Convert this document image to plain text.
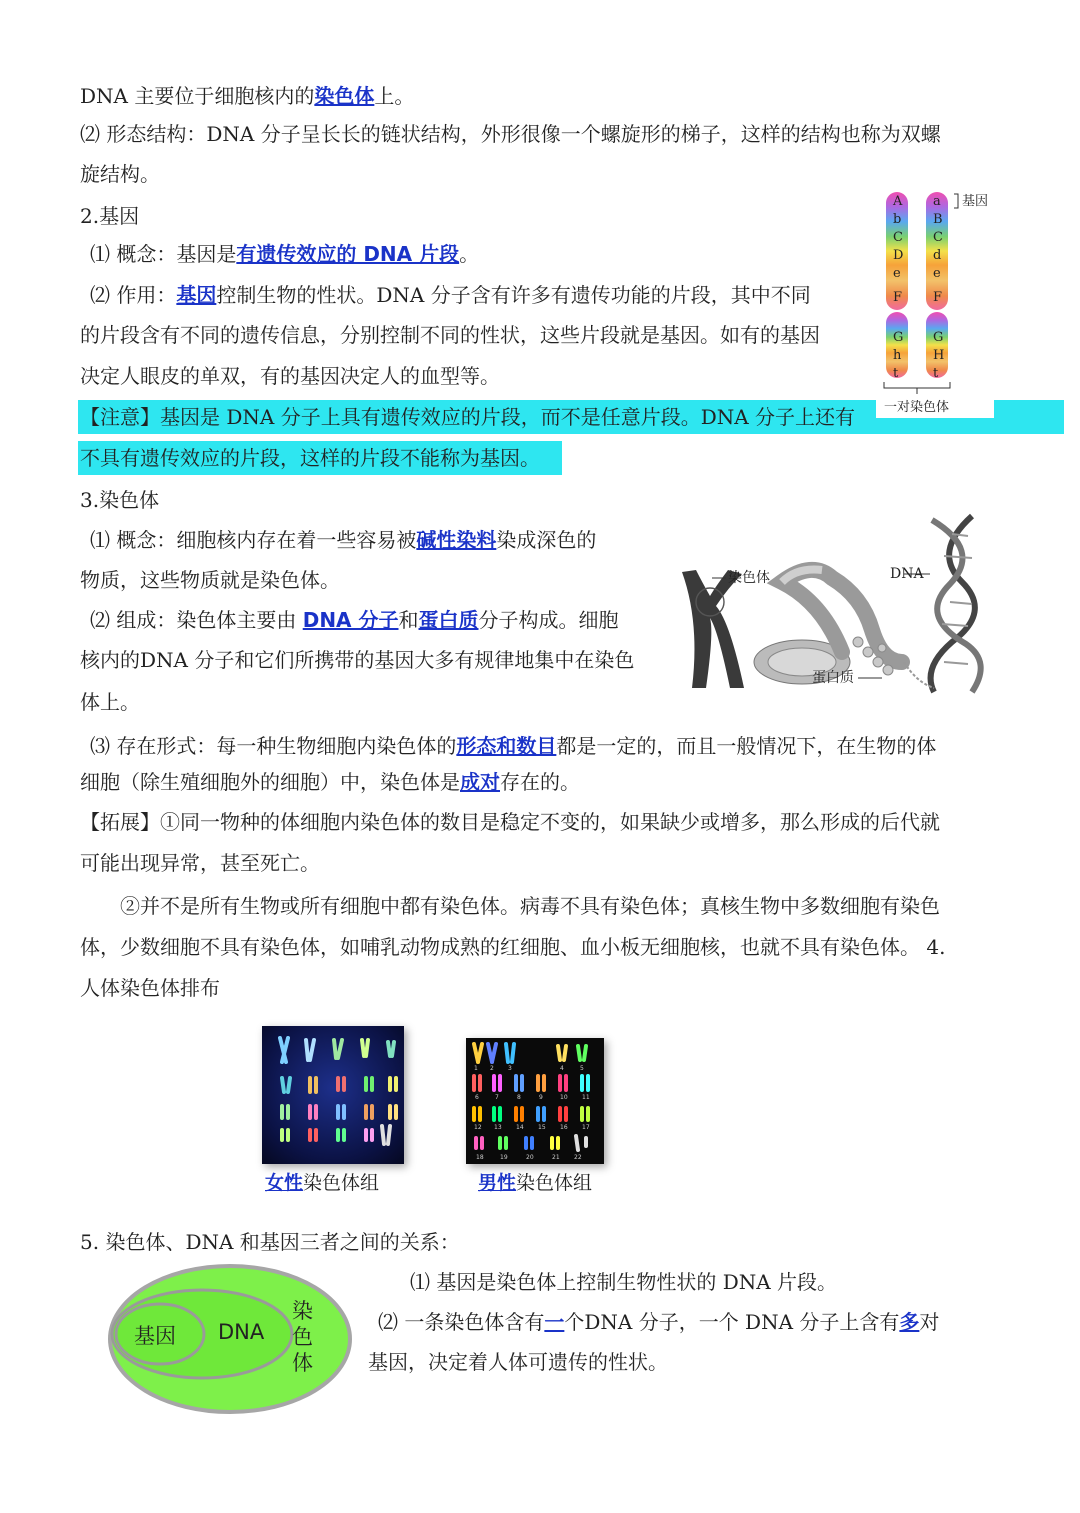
DNA 主要位于细胞核内的染色体上。
⑵ 形态结构：DNA 分子呈长长的链状结构，外形很像一个螺旋形的梯子，这样的结构也称为双螺
旋结构。
2.基因
⑴ 概念：基因是有遗传效应的 DNA 片段。
⑵ 作用：基因控制生物的性状。DNA 分子含有许多有遗传功能的片段，其中不同
的片段含有不同的遗传信息，分别控制不同的性状，这些片段就是基因。如有的基因
决定人眼皮的单双，有的基因决定人的血型等。
【注意】基因是 DNA 分子上具有遗传效应的片段，而不是任意片段。DNA 分子上还有
不具有遗传效应的片段，这样的片段不能称为基因。
基因
一对染色体
A
b
C
D
e
F
G
h
t
a
B
C
d
e
F
G
H
t
3.染色体
⑴ 概念：细胞核内存在着一些容易被碱性染料染成深色的
物质，这些物质就是染色体。
⑵ 组成：染色体主要由 DNA 分子和蛋白质分子构成。细胞
核内的DNA 分子和它们所携带的基因大多有规律地集中在染色
体上。
染色体	DNA
蛋白质
⑶ 存在形式：每一种生物细胞内染色体的形态和数目都是一定的，而且一般情况下，在生物的体
细胞（除生殖细胞外的细胞）中，染色体是成对存在的。
【拓展】①同一物种的体细胞内染色体的数目是稳定不变的，如果缺少或增多，那么形成的后代就
可能出现异常，甚至死亡。
②并不是所有生物或所有细胞中都有染色体。病毒不具有染色体；真核生物中多数细胞有染色
体，少数细胞不具有染色体，如哺乳动物成熟的红细胞、血小板无细胞核，也就不具有染色体。 4.
人体染色体排布
女性染色体组
1 2 3	4	5
6	7	8	9	10 11
12 13 14 15 16 17
18	19	20	21 22
男性染色体组
5. 染色体、DNA 和基因三者之间的关系：
基因 DNA
染色体
⑴ 基因是染色体上控制生物性状的 DNA 片段。
⑵ 一条染色体含有一个DNA 分子，一个 DNA 分子上含有多对
基因，决定着人体可遗传的性状。
